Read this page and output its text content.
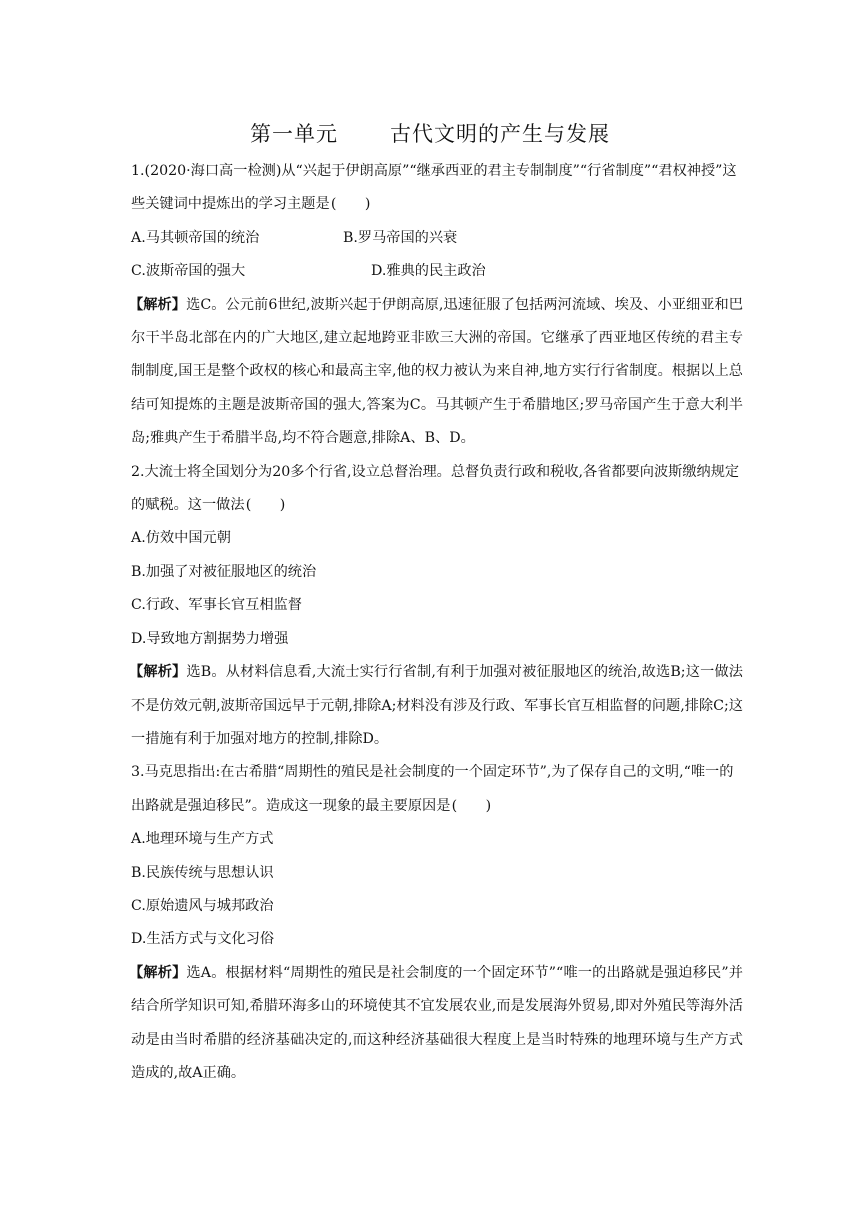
第一单元 古代文明的产生与发展

1.(2020·海口高一检测)从“兴起于伊朗高原”“继承西亚的君主专制制度”“行省制度”“君权神授”这些关键词中提炼出的学习主题是(　　)

A.马其顿帝国的统治	B.罗马帝国的兴衰
C.波斯帝国的强大	D.雅典的民主政治

【解析】选C。公元前6世纪,波斯兴起于伊朗高原,迅速征服了包括两河流域、埃及、小亚细亚和巴尔干半岛北部在内的广大地区,建立起地跨亚非欧三大洲的帝国。它继承了西亚地区传统的君主专制制度,国王是整个政权的核心和最高主宰,他的权力被认为来自神,地方实行行省制度。根据以上总结可知提炼的主题是波斯帝国的强大,答案为C。马其顿产生于希腊地区;罗马帝国产生于意大利半岛;雅典产生于希腊半岛,均不符合题意,排除A、B、D。

2.大流士将全国划分为20多个行省,设立总督治理。总督负责行政和税收,各省都要向波斯缴纳规定的赋税。这一做法(　　)

A.仿效中国元朝

B.加强了对被征服地区的统治

C.行政、军事长官互相监督

D.导致地方割据势力增强

【解析】选B。从材料信息看,大流士实行行省制,有利于加强对被征服地区的统治,故选B;这一做法不是仿效元朝,波斯帝国远早于元朝,排除A;材料没有涉及行政、军事长官互相监督的问题,排除C;这一措施有利于加强对地方的控制,排除D。

3.马克思指出:在古希腊“周期性的殖民是社会制度的一个固定环节”,为了保存自己的文明,“唯一的出路就是强迫移民”。造成这一现象的最主要原因是(　　)

A.地理环境与生产方式

B.民族传统与思想认识

C.原始遗风与城邦政治

D.生活方式与文化习俗

【解析】选A。根据材料“周期性的殖民是社会制度的一个固定环节”“唯一的出路就是强迫移民”并结合所学知识可知,希腊环海多山的环境使其不宜发展农业,而是发展海外贸易,即对外殖民等海外活动是由当时希腊的经济基础决定的,而这种经济基础很大程度上是当时特殊的地理环境与生产方式造成的,故A正确。
